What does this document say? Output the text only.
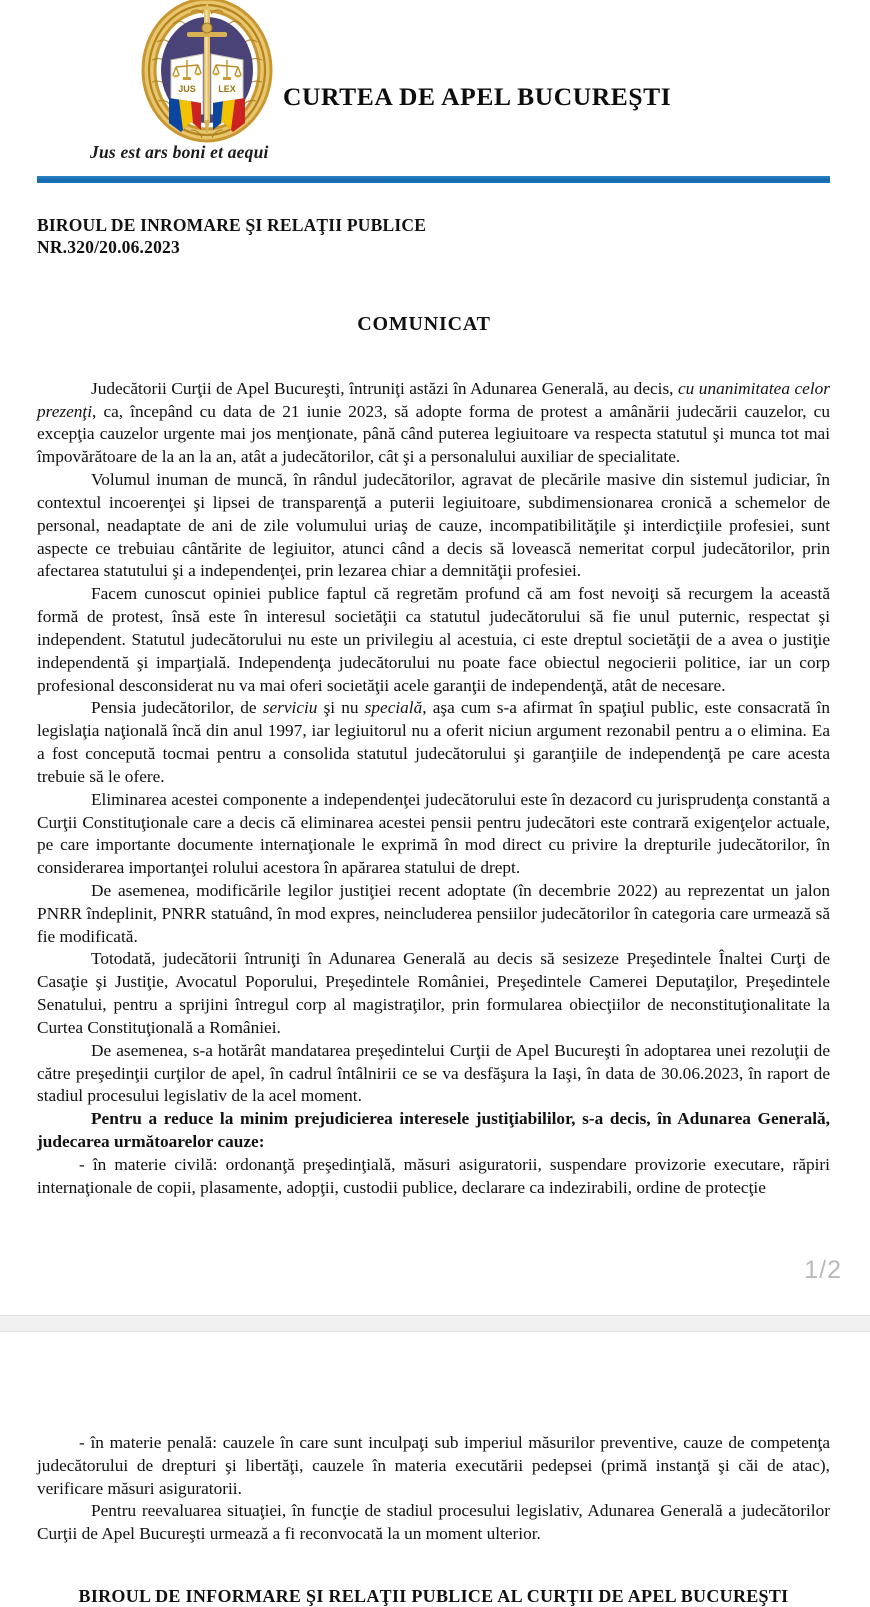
JUS LEX CURTEA DE APEL BUCUREŞTI
Jus est ars boni et aequi
BIROUL DE INROMARE ŞI RELAŢII PUBLICE
NR.320/20.06.2023
COMUNICAT

Judecătorii Curţii de Apel Bucureşti, întruniţi astăzi în Adunarea Generală, au decis, cu unanimitatea celor prezenţi, ca, începând cu data de 21 iunie 2023, să adopte forma de protest a amânării judecării cauzelor, cu excepţia cauzelor urgente mai jos menţionate, până când puterea legiuitoare va respecta statutul şi munca tot mai împovărătoare de la an la an, atât a judecătorilor, cât şi a personalului auxiliar de specialitate.

Volumul inuman de muncă, în rândul judecătorilor, agravat de plecările masive din sistemul judiciar, în contextul incoerenţei şi lipsei de transparenţă a puterii legiuitoare, subdimensionarea cronică a schemelor de personal, neadaptate de ani de zile volumului uriaş de cauze, incompatibilităţile şi interdicţiile profesiei, sunt aspecte ce trebuiau cântărite de legiuitor, atunci când a decis să lovească nemeritat corpul judecătorilor, prin afectarea statutului şi a independenţei, prin lezarea chiar a demnităţii profesiei.

Facem cunoscut opiniei publice faptul că regretăm profund că am fost nevoiţi să recurgem la această formă de protest, însă este în interesul societăţii ca statutul judecătorului să fie unul puternic, respectat şi independent. Statutul judecătorului nu este un privilegiu al acestuia, ci este dreptul societăţii de a avea o justiţie independentă şi imparţială. Independenţa judecătorului nu poate face obiectul negocierii politice, iar un corp profesional desconsiderat nu va mai oferi societăţii acele garanţii de independenţă, atât de necesare.

Pensia judecătorilor, de serviciu şi nu specială, aşa cum s-a afirmat în spaţiul public, este consacrată în legislaţia naţională încă din anul 1997, iar legiuitorul nu a oferit niciun argument rezonabil pentru a o elimina. Ea a fost concepută tocmai pentru a consolida statutul judecătorului şi garanţiile de independenţă pe care acesta trebuie să le ofere.

Eliminarea acestei componente a independenţei judecătorului este în dezacord cu jurisprudenţa constantă a Curţii Constituţionale care a decis că eliminarea acestei pensii pentru judecători este contrară exigenţelor actuale, pe care importante documente internaţionale le exprimă în mod direct cu privire la drepturile judecătorilor, în considerarea importanţei rolului acestora în apărarea statului de drept.

De asemenea, modificările legilor justiţiei recent adoptate (în decembrie 2022) au reprezentat un jalon PNRR îndeplinit, PNRR statuând, în mod expres, neincluderea pensiilor judecătorilor în categoria care urmează să fie modificată.

Totodată, judecătorii întruniţi în Adunarea Generală au decis să sesizeze Preşedintele Înaltei Curţi de Casaţie şi Justiţie, Avocatul Poporului, Preşedintele României, Preşedintele Camerei Deputaţilor, Preşedintele Senatului, pentru a sprijini întregul corp al magistraţilor, prin formularea obiecţiilor de neconstituţionalitate la Curtea Constituţională a României.

De asemenea, s-a hotărât mandatarea preşedintelui Curţii de Apel Bucureşti în adoptarea unei rezoluţii de către preşedinţii curţilor de apel, în cadrul întâlnirii ce se va desfăşura la Iaşi, în data de 30.06.2023, în raport de stadiul procesului legislativ de la acel moment.

Pentru a reduce la minim prejudicierea interesele justiţiabililor, s-a decis, în Adunarea Generală, judecarea următoarelor cauze:

- în materie civilă: ordonanţă preşedinţială, măsuri asiguratorii, suspendare provizorie executare, răpiri internaţionale de copii, plasamente, adopţii, custodii publice, declarare ca indezirabili, ordine de protecţie

1/2

- în materie penală: cauzele în care sunt inculpaţi sub imperiul măsurilor preventive, cauze de competenţa judecătorului de drepturi şi libertăţi, cauzele în materia executării pedepsei (primă instanţă şi căi de atac), verificare măsuri asiguratorii.

Pentru reevaluarea situaţiei, în funcţie de stadiul procesului legislativ, Adunarea Generală a judecătorilor Curţii de Apel Bucureşti urmează a fi reconvocată la un moment ulterior.

BIROUL DE INFORMARE ŞI RELAŢII PUBLICE AL CURŢII DE APEL BUCUREŞTI
